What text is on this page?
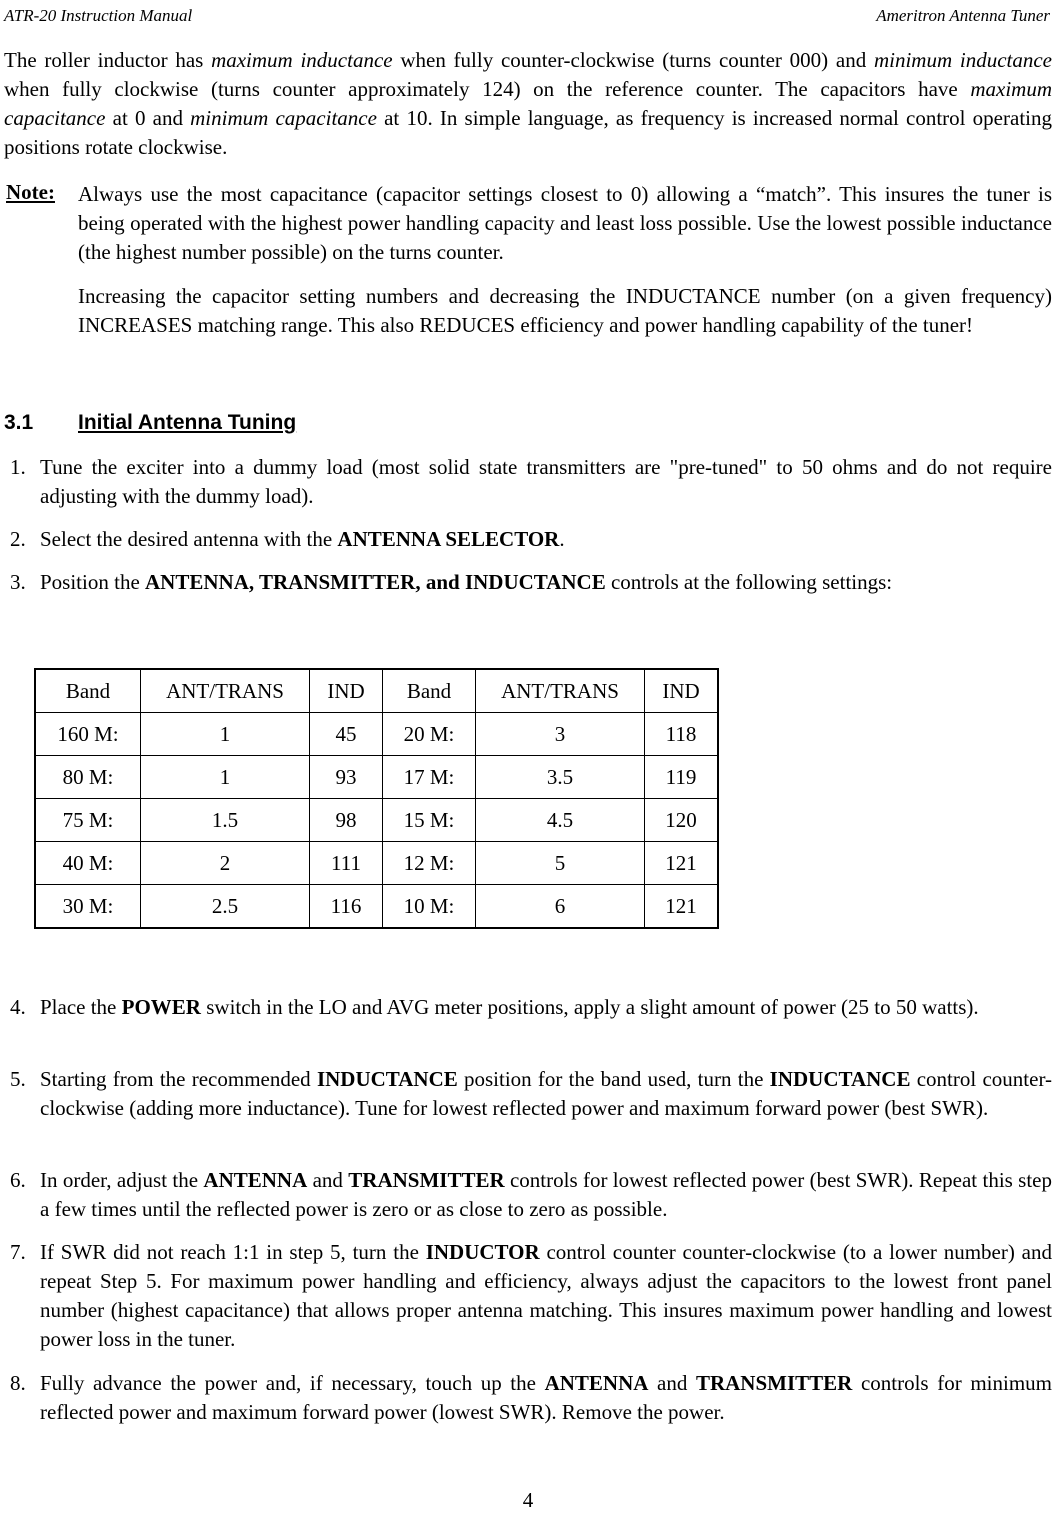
ATR-20 Instruction Manual	Ameritron Antenna Tuner

The roller inductor has maximum inductance when fully counter-clockwise (turns counter 000) and minimum inductance when fully clockwise (turns counter approximately 124) on the reference counter. The capacitors have maximum capacitance at 0 and minimum capacitance at 10. In simple language, as frequency is increased normal control operating positions rotate clockwise.

Note: Always use the most capacitance (capacitor settings closest to 0) allowing a “match”. This insures the tuner is being operated with the highest power handling capacity and least loss possible. Use the lowest possible inductance (the highest number possible) on the turns counter.

Increasing the capacitor setting numbers and decreasing the INDUCTANCE number (on a given frequency) INCREASES matching range. This also REDUCES efficiency and power handling capability of the tuner!

3.1 Initial Antenna Tuning
1. Tune the exciter into a dummy load (most solid state transmitters are "pre-tuned" to 50 ohms and do not require adjusting with the dummy load).
2. Select the desired antenna with the ANTENNA SELECTOR.
3. Position the ANTENNA, TRANSMITTER, and INDUCTANCE controls at the following settings:
Band	ANT/TRANS	IND	Band	ANT/TRANS	IND
160 M:	1	45	20 M:	3	118
80 M:	1	93	17 M:	3.5	119
75 M:	1.5	98	15 M:	4.5	120
40 M:	2	111	12 M:	5	121
30 M:	2.5	116	10 M:	6	121
4. Place the POWER switch in the LO and AVG meter positions, apply a slight amount of power (25 to 50 watts).
5. Starting from the recommended INDUCTANCE position for the band used, turn the INDUCTANCE control counter-clockwise (adding more inductance). Tune for lowest reflected power and maximum forward power (best SWR).
6. In order, adjust the ANTENNA and TRANSMITTER controls for lowest reflected power (best SWR). Repeat this step a few times until the reflected power is zero or as close to zero as possible.
7. If SWR did not reach 1:1 in step 5, turn the INDUCTOR control counter counter-clockwise (to a lower number) and repeat Step 5. For maximum power handling and efficiency, always adjust the capacitors to the lowest front panel number (highest capacitance) that allows proper antenna matching. This insures maximum power handling and lowest power loss in the tuner.
8. Fully advance the power and, if necessary, touch up the ANTENNA and TRANSMITTER controls for minimum reflected power and maximum forward power (lowest SWR). Remove the power.
4
